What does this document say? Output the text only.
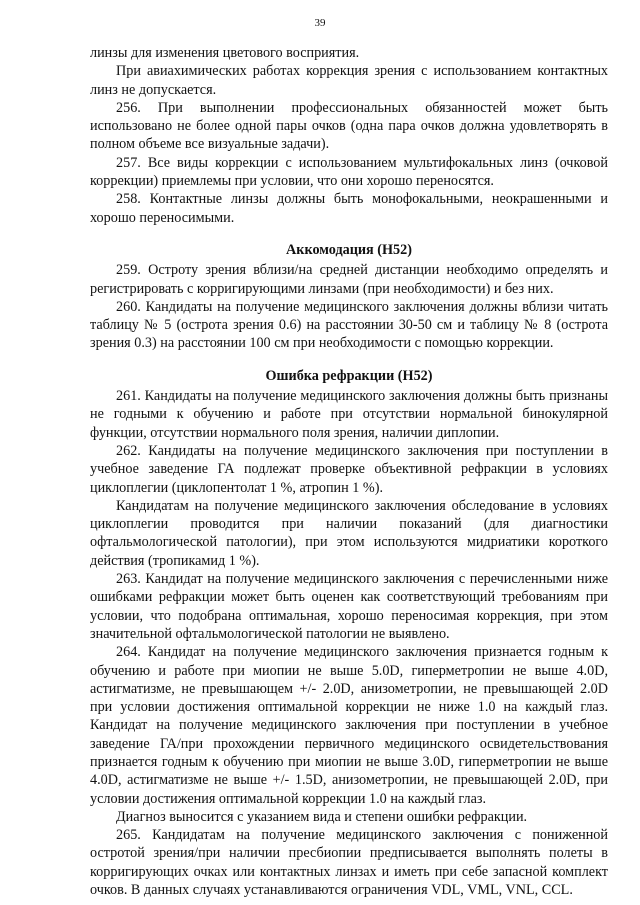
39

линзы для изменения цветового восприятия.

При авиахимических работах коррекция зрения с использованием контактных линз не допускается.

256. При выполнении профессиональных обязанностей может быть использовано не более одной пары очков (одна пара очков должна удовлетворять в полном объеме все визуальные задачи).

257. Все виды коррекции с использованием мультифокальных линз (очковой коррекции) приемлемы при условии, что они хорошо переносятся.

258. Контактные линзы должны быть монофокальными, неокрашенными и хорошо переносимыми.

Аккомодация (Н52)

259. Остроту зрения вблизи/на средней дистанции необходимо определять и регистрировать с корригирующими линзами (при необходимости) и без них.

260. Кандидаты на получение медицинского заключения должны вблизи читать таблицу № 5 (острота зрения 0.6) на расстоянии 30-50 см и таблицу № 8 (острота зрения 0.3) на расстоянии 100 см при необходимости с помощью коррекции.

Ошибка рефракции (Н52)

261. Кандидаты на получение медицинского заключения должны быть признаны не годными к обучению и работе при отсутствии нормальной бинокулярной функции, отсутствии нормального поля зрения, наличии диплопии.

262. Кандидаты на получение медицинского заключения при поступлении в учебное заведение ГА подлежат проверке объективной рефракции в условиях циклоплегии (циклопентолат 1 %, атропин 1 %).

Кандидатам на получение медицинского заключения обследование в условиях циклоплегии проводится при наличии показаний (для диагностики офтальмологической патологии), при этом используются мидриатики короткого действия (тропикамид 1 %).

263. Кандидат на получение медицинского заключения с перечисленными ниже ошибками рефракции может быть оценен как соответствующий требованиям при условии, что подобрана оптимальная, хорошо переносимая коррекция, при этом значительной офтальмологической патологии не выявлено.

264. Кандидат на получение медицинского заключения признается годным к обучению и работе при миопии не выше 5.0D, гиперметропии не выше 4.0D, астигматизме, не превышающем +/- 2.0D, анизометропии, не превышающей 2.0D при условии достижения оптимальной коррекции не ниже 1.0 на каждый глаз. Кандидат на получение медицинского заключения при поступлении в учебное заведение ГА/при прохождении первичного медицинского освидетельствования признается годным к обучению при миопии не выше 3.0D, гиперметропии не выше 4.0D, астигматизме не выше +/- 1.5D, анизометропии, не превышающей 2.0D, при условии достижения оптимальной коррекции 1.0 на каждый глаз.

Диагноз выносится с указанием вида и степени ошибки рефракции.

265. Кандидатам на получение медицинского заключения с пониженной остротой зрения/при наличии пресбиопии предписывается выполнять полеты в корригирующих очках или контактных линзах и иметь при себе запасной комплект очков. В данных случаях устанавливаются ограничения VDL, VML, VNL, CCL.
